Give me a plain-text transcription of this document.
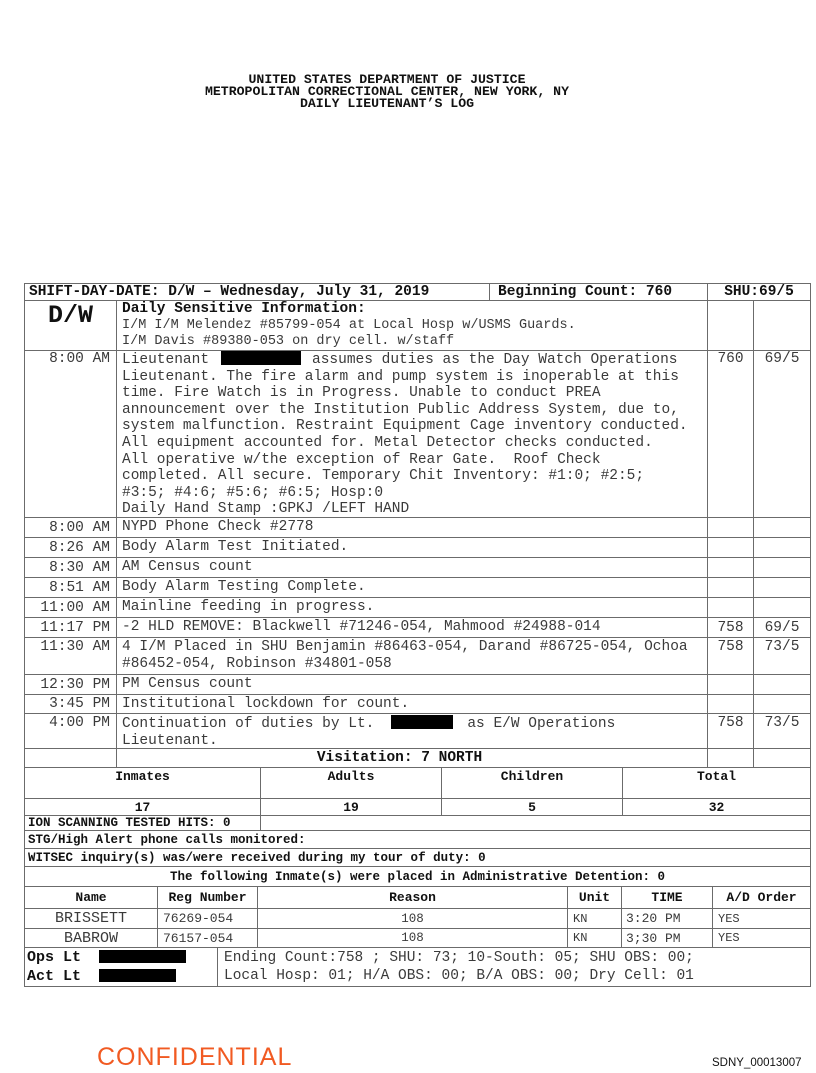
UNITED STATES DEPARTMENT OF JUSTICE
METROPOLITAN CORRECTIONAL CENTER, NEW YORK, NY
DAILY LIEUTENANT’S LOG
SHIFT-DAY-DATE: D/W – Wednesday, July 31, 2019	Beginning Count: 760	SHU:69/5
D/W	Daily Sensitive Information:
I/M I/M Melendez #85799-054 at Local Hosp w/USMS Guards.
I/M Davis #89380-053 on dry cell. w/staff
8:00 AM Lieutenant	assumes duties as the Day Watch Operations
Lieutenant. The fire alarm and pump system is inoperable at this
time. Fire Watch is in Progress. Unable to conduct PREA
announcement over the Institution Public Address System, due to,
system malfunction. Restraint Equipment Cage inventory conducted.
All equipment accounted for. Metal Detector checks conducted.
All operative w/the exception of Rear Gate.  Roof Check
completed. All secure. Temporary Chit Inventory: #1:0; #2:5;
#3:5; #4:6; #5:6; #6:5; Hosp:0
Daily Hand Stamp :GPKJ /LEFT HAND
760	69/5
8:00 AM NYPD Phone Check #2778
8:26 AM Body Alarm Test Initiated.
8:30 AM AM Census count
8:51 AM Body Alarm Testing Complete.
11:00 AM Mainline feeding in progress.
11:17 PM -2 HLD REMOVE: Blackwell #71246-054, Mahmood #24988-014	758	69/5
11:30 AM 4 I/M Placed in SHU Benjamin #86463-054, Darand #86725-054, Ochoa
#86452-054, Robinson #34801-058
758	73/5
12:30 PM PM Census count
3:45 PM Institutional lockdown for count.
4:00 PM Continuation of duties by Lt.	as E/W Operations
Lieutenant.
758	73/5
Visitation: 7 NORTH
Inmates	Adults	Children	Total
17	19	5	32
ION SCANNING TESTED HITS: 0
STG/High Alert phone calls monitored:
WITSEC inquiry(s) was/were received during my tour of duty: 0
The following Inmate(s) were placed in Administrative Detention: 0
Name	Reg Number	Reason	Unit	TIME	A/D Order
BRISSETT	76269-054	108	KN	3:20 PM	YES
BABROW	76157-054	108	KN	3;30 PM	YES
Ops Lt
Act Lt
Ending Count:758 ; SHU: 73; 10-South: 05; SHU OBS: 00;
Local Hosp: 01; H/A OBS: 00; B/A OBS: 00; Dry Cell: 01
CONFIDENTIAL	SDNY_00013007
